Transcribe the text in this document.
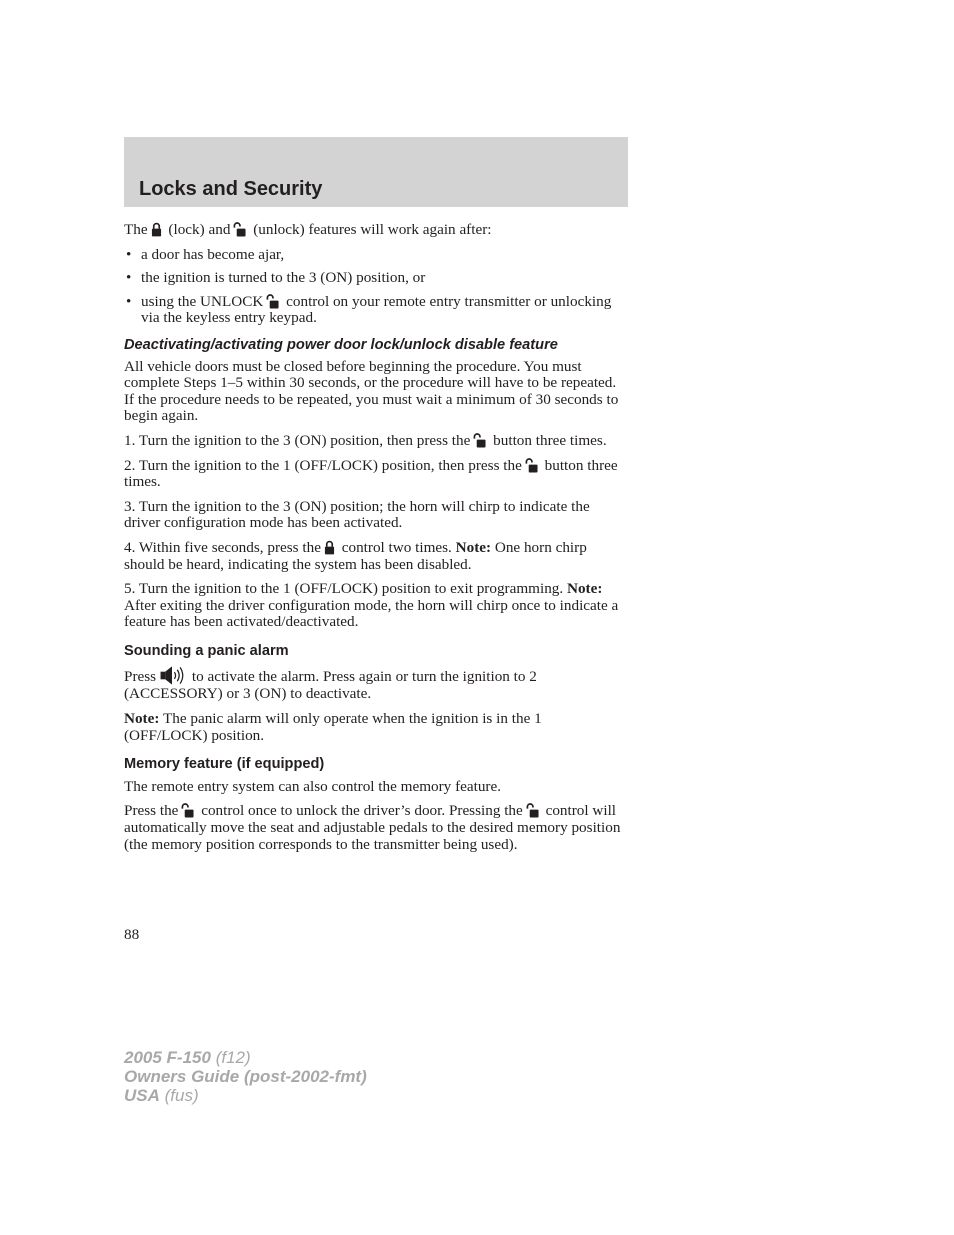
Locks and Security

The (lock) and (unlock) features will work again after:

• a door has become ajar,
• the ignition is turned to the 3 (ON) position, or
• using the UNLOCK control on your remote entry transmitter or unlocking via the keyless entry keypad.
Deactivating/activating power door lock/unlock disable feature

All vehicle doors must be closed before beginning the procedure. You must complete Steps 1–5 within 30 seconds, or the procedure will have to be repeated. If the procedure needs to be repeated, you must wait a minimum of 30 seconds to begin again.

1. Turn the ignition to the 3 (ON) position, then press the button three times.

2. Turn the ignition to the 1 (OFF/LOCK) position, then press the button three times.

3. Turn the ignition to the 3 (ON) position; the horn will chirp to indicate the driver configuration mode has been activated.

4. Within five seconds, press the control two times. Note: One horn chirp should be heard, indicating the system has been disabled.

5. Turn the ignition to the 1 (OFF/LOCK) position to exit programming. Note: After exiting the driver configuration mode, the horn will chirp once to indicate a feature has been activated/deactivated.

Sounding a panic alarm

Press to activate the alarm. Press again or turn the ignition to 2 (ACCESSORY) or 3 (ON) to deactivate.

Note: The panic alarm will only operate when the ignition is in the 1 (OFF/LOCK) position.

Memory feature (if equipped)

The remote entry system can also control the memory feature.

Press the control once to unlock the driver’s door. Pressing the control will automatically move the seat and adjustable pedals to the desired memory position (the memory position corresponds to the transmitter being used).

88
2005 F-150 (f12)
Owners Guide (post-2002-fmt)
USA (fus)
